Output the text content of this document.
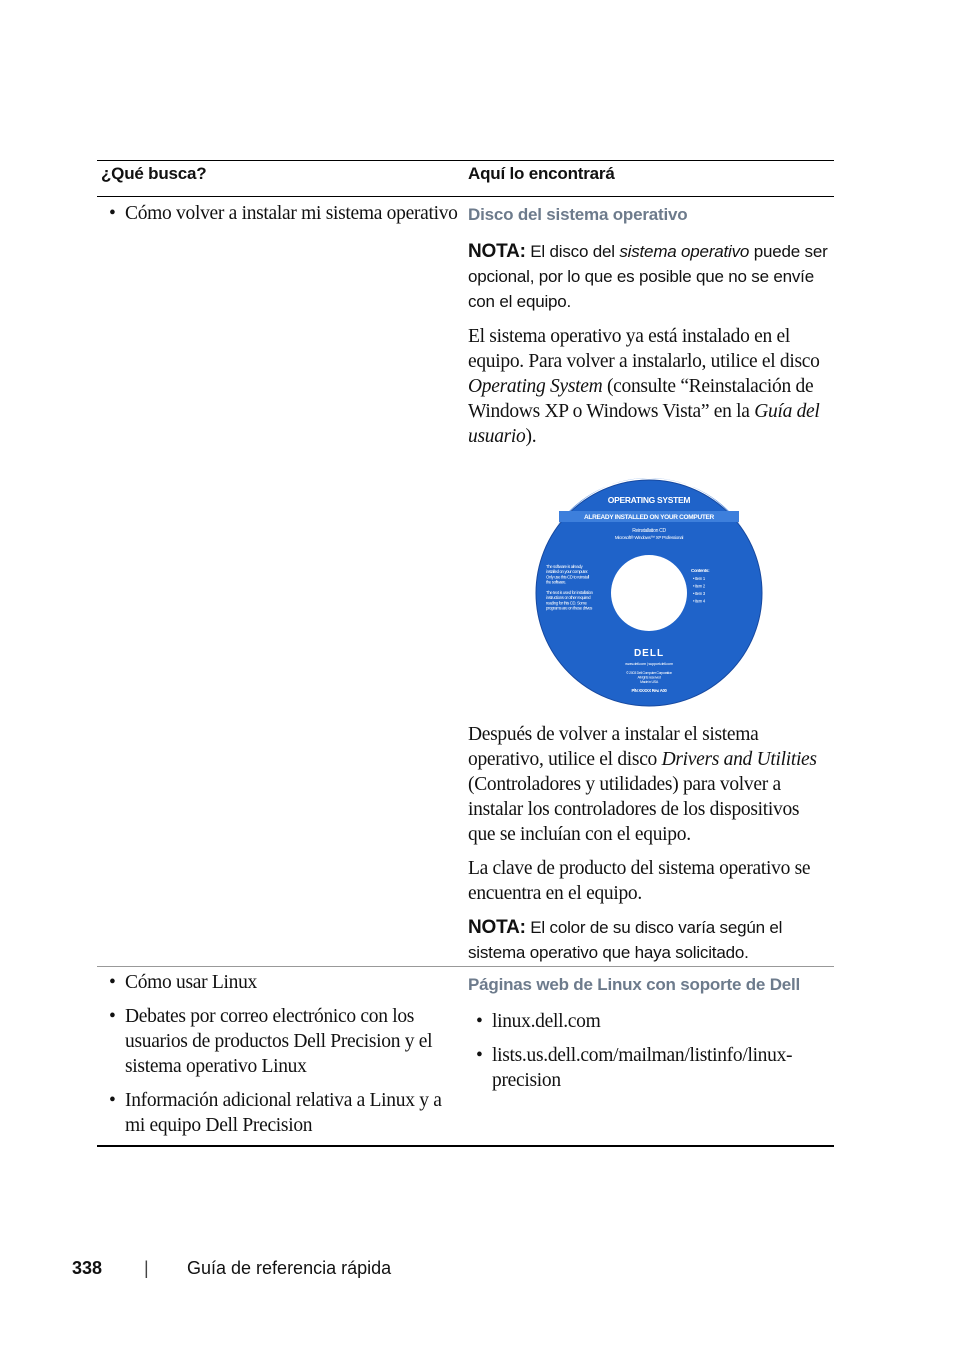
¿Qué busca?	Aquí lo encontrará
• Cómo volver a instalar mi sistema operativo Disco del sistema operativo
NOTA: El disco del sistema operativo puede ser opcional, por lo que es posible que no se envíe con el equipo.

El sistema operativo ya está instalado en el equipo. Para volver a instalarlo, utilice el disco Operating System (consulte “Reinstalación de Windows XP o Windows Vista” en la Guía del usuario).

OPERATING SYSTEM
ALREADY INSTALLED ON YOUR COMPUTER
Reinstallation CD
Microsoft® Windows™ XP Professional
The software is already
installed on your computer.
Only use this CD to reinstall
the software.
The text is used for installation
instructions or other required
reading for this CD. Some
programs are on these drives
Contents:
• Item 1
• Item 2
• Item 3
• Item 4
DELL
www.dell.com | support.dell.com
© 2003 Dell Computer Corporation
All rights reserved
Made in USA
P/N XXXXX Rev. A00

Después de volver a instalar el sistema operativo, utilice el disco Drivers and Utilities (Controladores y utilidades) para volver a instalar los controladores de los dispositivos que se incluían con el equipo.

La clave de producto del sistema operativo se encuentra en el equipo.

NOTA: El color de su disco varía según el sistema operativo que haya solicitado.
• Cómo usar Linux
• Debates por correo electrónico con los usuarios de productos Dell Precision y el sistema operativo Linux
• Información adicional relativa a Linux y a mi equipo Dell Precision
Páginas web de Linux con soporte de Dell
• linux.dell.com
• lists.us.dell.com/mailman/listinfo/linux-precision
338 | Guía de referencia rápida
